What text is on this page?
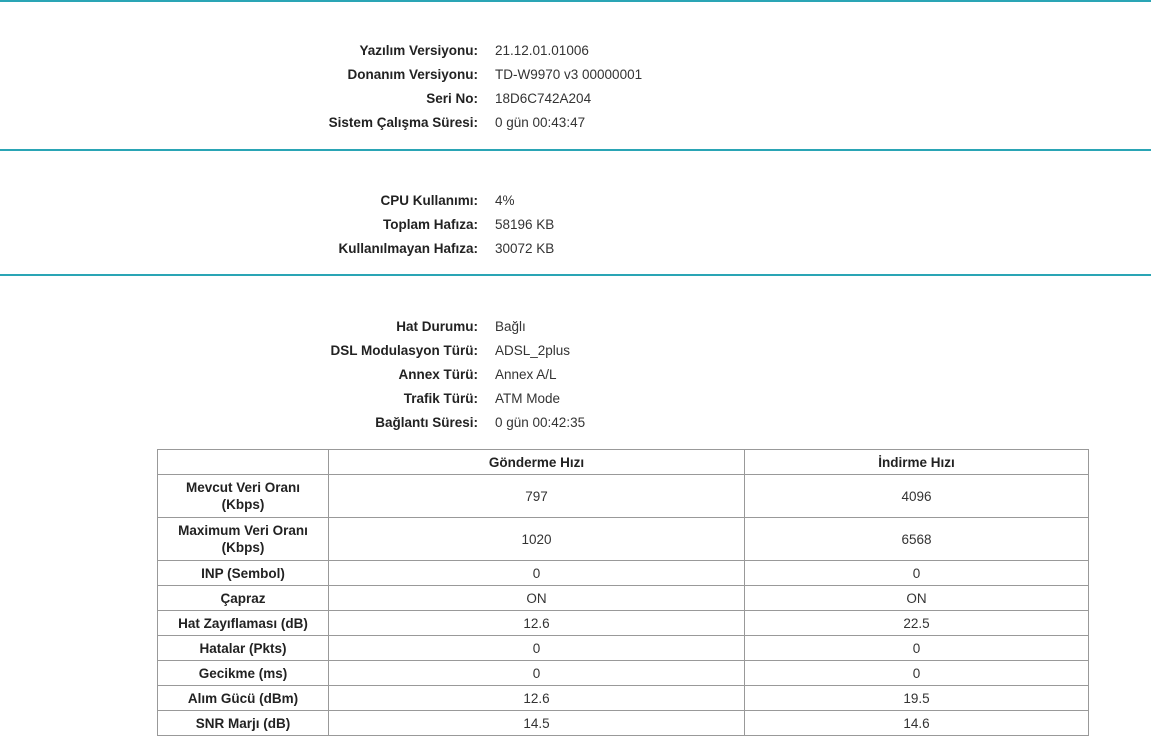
Yazılım Versiyonu: 21.12.01.01006
Donanım Versiyonu: TD-W9970 v3 00000001
Seri No: 18D6C742A204
Sistem Çalışma Süresi: 0 gün 00:43:47
CPU Kullanımı: 4%
Toplam Hafıza: 58196 KB
Kullanılmayan Hafıza: 30072 KB
Hat Durumu: Bağlı
DSL Modulasyon Türü: ADSL_2plus
Annex Türü: Annex A/L
Trafik Türü: ATM Mode
Bağlantı Süresi: 0 gün 00:42:35
	Gönderme Hızı	İndirme Hızı
Mevcut Veri Oranı (Kbps)	797	4096
Maximum Veri Oranı (Kbps)	1020	6568
INP (Sembol)	0	0
Çapraz	ON	ON
Hat Zayıflaması (dB)	12.6	22.5
Hatalar (Pkts)	0	0
Gecikme (ms)	0	0
Alım Gücü (dBm)	12.6	19.5
SNR Marjı (dB)	14.5	14.6
